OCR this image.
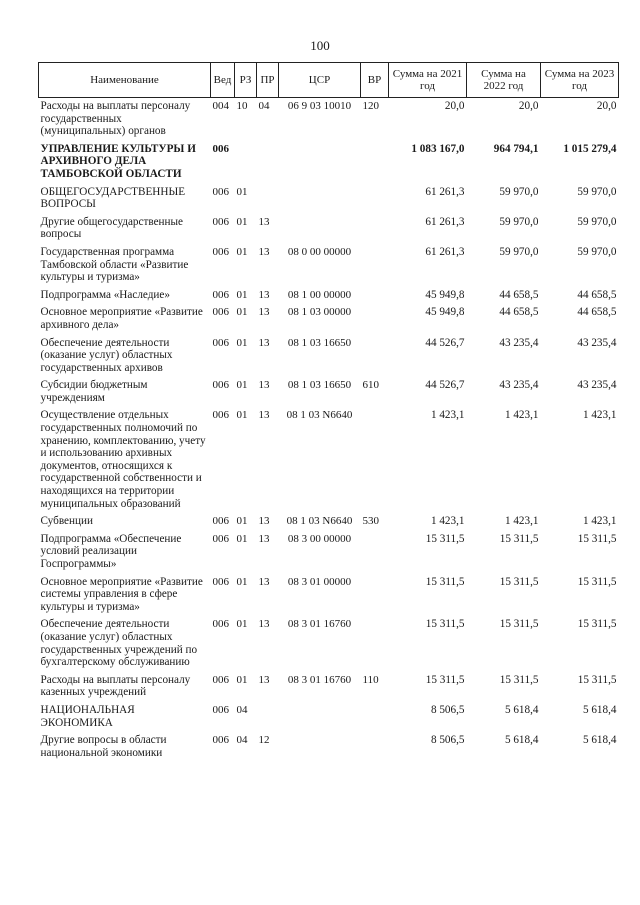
100
Наименование	Вед	РЗ	ПР	ЦСР	ВР	Сумма на 2021 год	Сумма на 2022 год	Сумма на 2023 год
Расходы на выплаты персоналу государственных (муниципальных) органов	004	10	04	06 9 03 10010	120	20,0	20,0	20,0
УПРАВЛЕНИЕ КУЛЬТУРЫ И АРХИВНОГО ДЕЛА ТАМБОВСКОЙ ОБЛАСТИ	006					1 083 167,0	964 794,1	1 015 279,4
ОБЩЕГОСУДАРСТВЕННЫЕ ВОПРОСЫ	006	01				61 261,3	59 970,0	59 970,0
Другие общегосударственные вопросы	006	01	13			61 261,3	59 970,0	59 970,0
Государственная программа Тамбовской области «Развитие культуры и туризма»	006	01	13	08 0 00 00000		61 261,3	59 970,0	59 970,0
Подпрограмма «Наследие»	006	01	13	08 1 00 00000		45 949,8	44 658,5	44 658,5
Основное мероприятие «Развитие архивного дела»	006	01	13	08 1 03 00000		45 949,8	44 658,5	44 658,5
Обеспечение деятельности (оказание услуг) областных государственных архивов	006	01	13	08 1 03 16650		44 526,7	43 235,4	43 235,4
Субсидии бюджетным учреждениям	006	01	13	08 1 03 16650	610	44 526,7	43 235,4	43 235,4
Осуществление отдельных государственных полномочий по хранению, комплектованию, учету и использованию архивных документов, относящихся к государственной собственности и находящихся на территории муниципальных образований	006	01	13	08 1 03 N6640		1 423,1	1 423,1	1 423,1
Субвенции	006	01	13	08 1 03 N6640	530	1 423,1	1 423,1	1 423,1
Подпрограмма «Обеспечение условий реализации Госпрограммы»	006	01	13	08 3 00 00000		15 311,5	15 311,5	15 311,5
Основное мероприятие «Развитие системы управления в сфере культуры и туризма»	006	01	13	08 3 01 00000		15 311,5	15 311,5	15 311,5
Обеспечение деятельности (оказание услуг) областных государственных учреждений по бухгалтерскому обслуживанию	006	01	13	08 3 01 16760		15 311,5	15 311,5	15 311,5
Расходы на выплаты персоналу казенных учреждений	006	01	13	08 3 01 16760	110	15 311,5	15 311,5	15 311,5
НАЦИОНАЛЬНАЯ ЭКОНОМИКА	006	04				8 506,5	5 618,4	5 618,4
Другие вопросы в области национальной экономики	006	04	12			8 506,5	5 618,4	5 618,4
